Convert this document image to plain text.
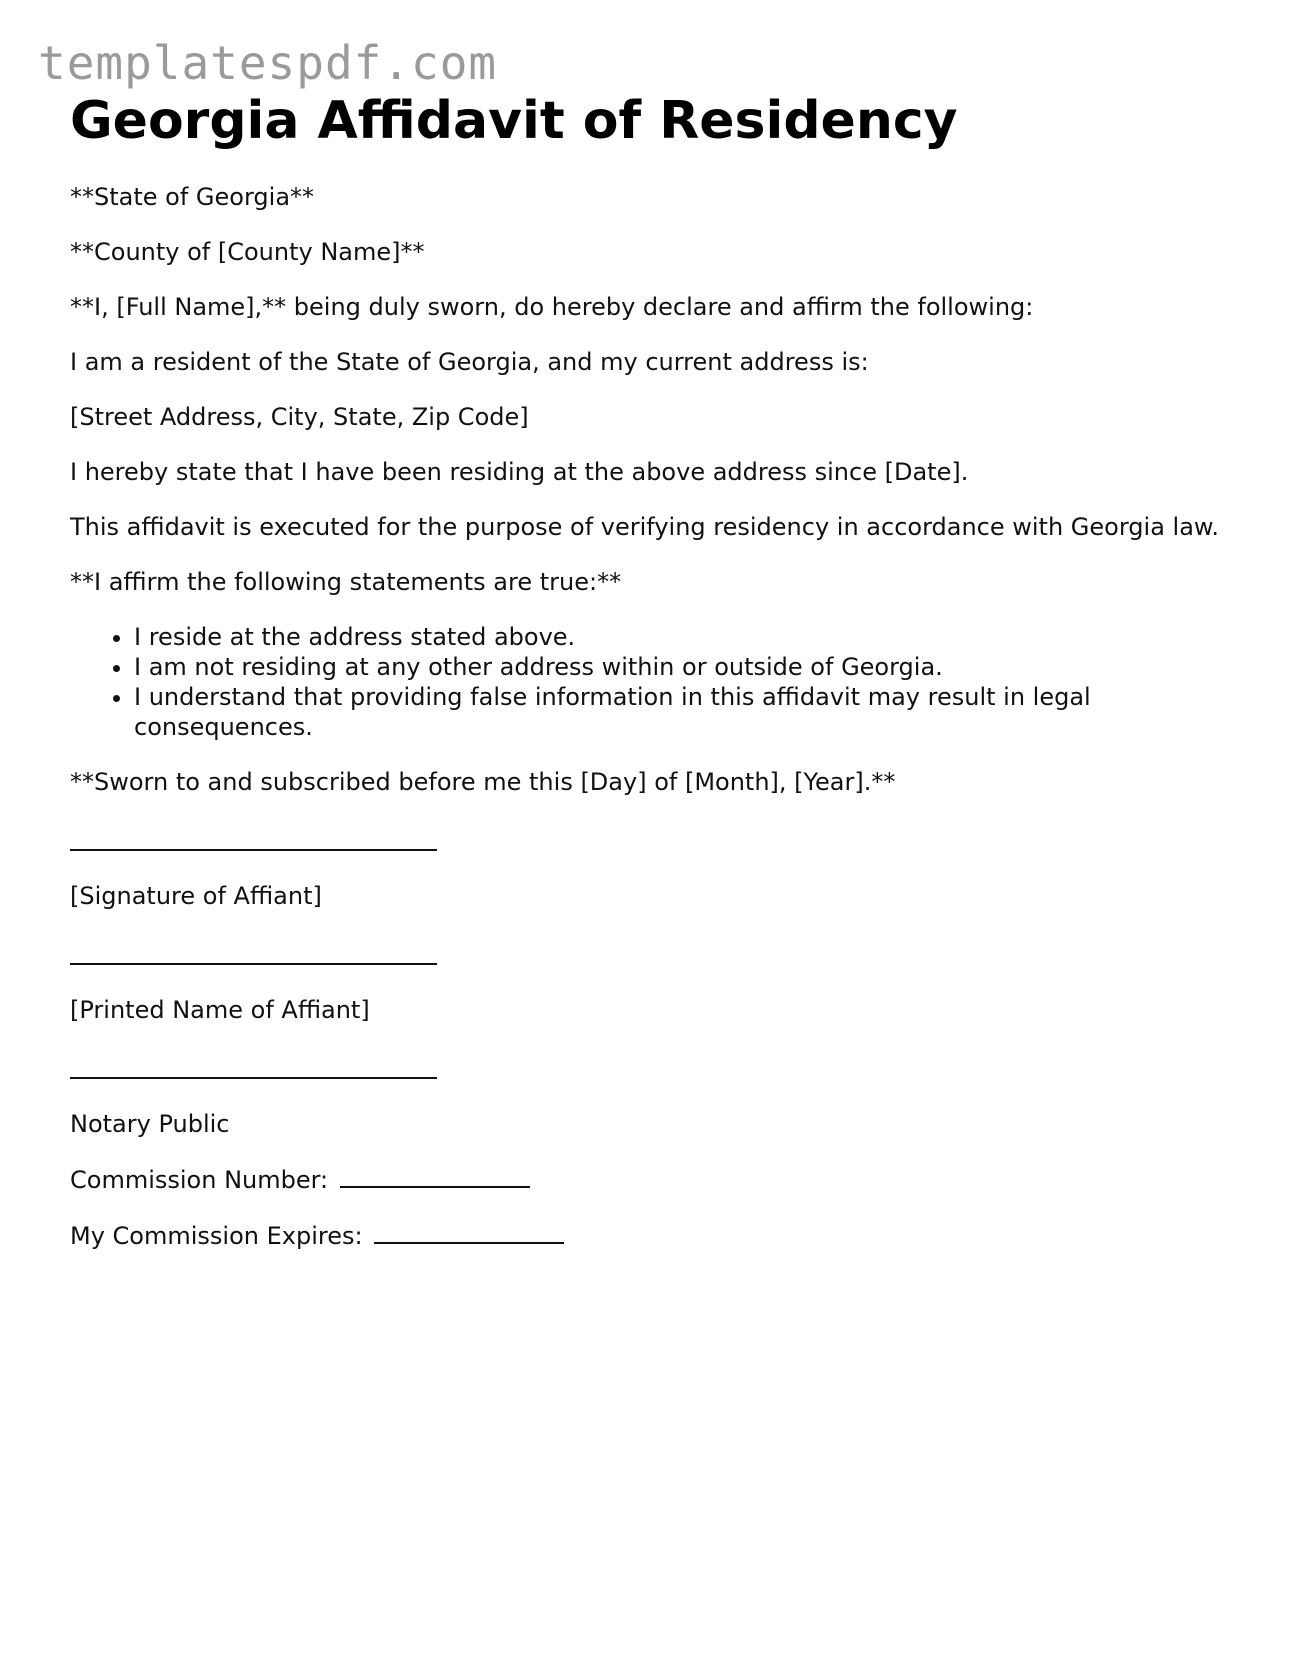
templatespdf.com
Georgia Affidavit of Residency

**State of Georgia**

**County of [County Name]**

**I, [Full Name],** being duly sworn, do hereby declare and affirm the following:

I am a resident of the State of Georgia, and my current address is:

[Street Address, City, State, Zip Code]

I hereby state that I have been residing at the above address since [Date].

This affidavit is executed for the purpose of verifying residency in accordance with Georgia law.

**I affirm the following statements are true:**

• I reside at the address stated above.
• I am not residing at any other address within or outside of Georgia.
• I understand that providing false information in this affidavit may result in legal consequences.

**Sworn to and subscribed before me this [Day] of [Month], [Year].**

[Signature of Affiant]

[Printed Name of Affiant]

Notary Public

Commission Number:

My Commission Expires:
